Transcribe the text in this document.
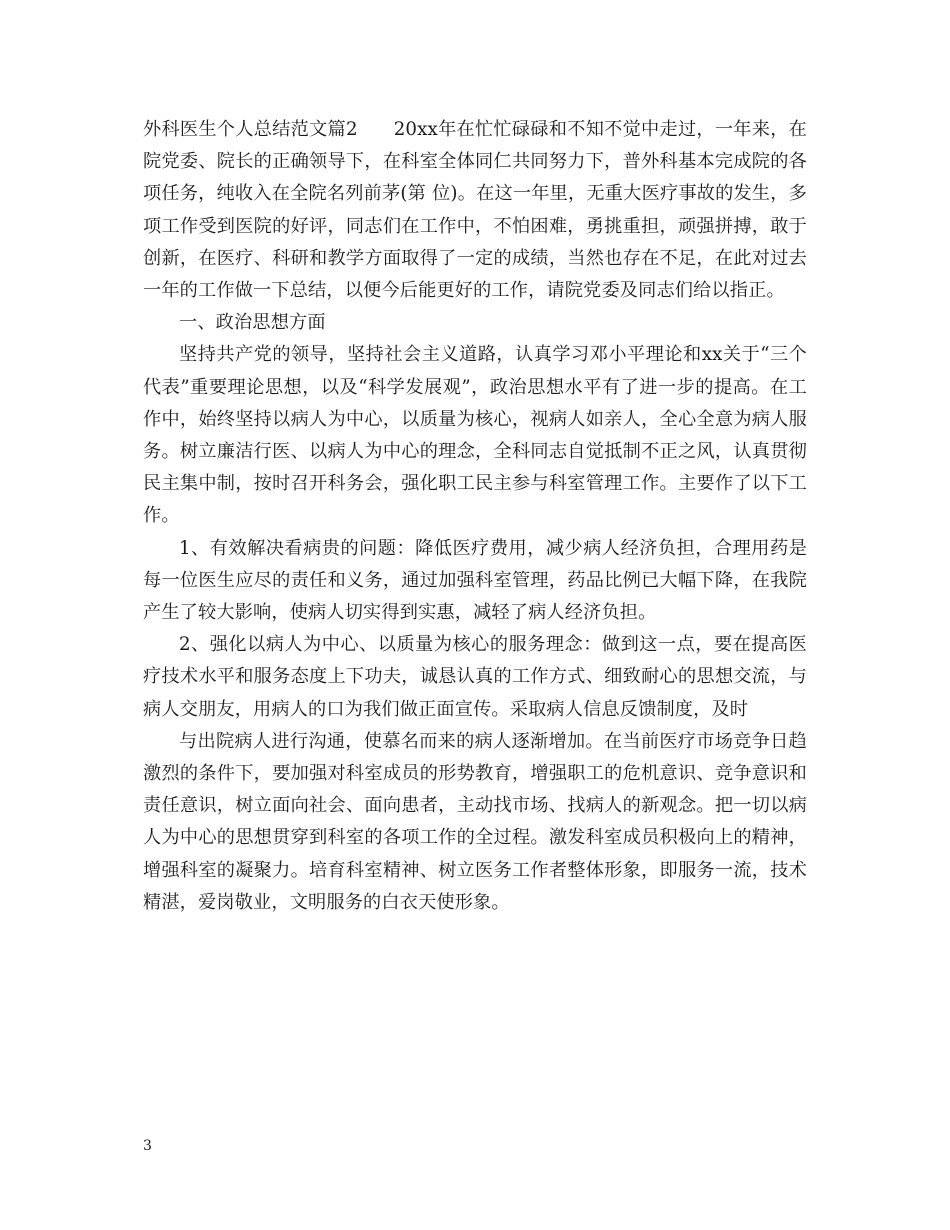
外科医生个人总结范文篇2 20xx年在忙忙碌碌和不知不觉中走过，一年来，在院党委、院长的正确领导下，在科室全体同仁共同努力下，普外科基本完成院的各项任务，纯收入在全院名列前茅(第 位)。在这一年里，无重大医疗事故的发生，多项工作受到医院的好评，同志们在工作中，不怕困难，勇挑重担，顽强拼搏，敢于创新，在医疗、科研和教学方面取得了一定的成绩，当然也存在不足，在此对过去一年的工作做一下总结，以便今后能更好的工作，请院党委及同志们给以指正。

一、政治思想方面

坚持共产党的领导，坚持社会主义道路，认真学习邓小平理论和xx关于“三个代表”重要理论思想，以及“科学发展观”，政治思想水平有了进一步的提高。在工作中，始终坚持以病人为中心，以质量为核心，视病人如亲人，全心全意为病人服务。树立廉洁行医、以病人为中心的理念，全科同志自觉抵制不正之风，认真贯彻民主集中制，按时召开科务会，强化职工民主参与科室管理工作。主要作了以下工作。

1、有效解决看病贵的问题：降低医疗费用，减少病人经济负担，合理用药是每一位医生应尽的责任和义务，通过加强科室管理，药品比例已大幅下降，在我院产生了较大影响，使病人切实得到实惠，减轻了病人经济负担。

2、强化以病人为中心、以质量为核心的服务理念：做到这一点，要在提高医疗技术水平和服务态度上下功夫，诚恳认真的工作方式、细致耐心的思想交流，与病人交朋友，用病人的口为我们做正面宣传。采取病人信息反馈制度，及时

与出院病人进行沟通，使慕名而来的病人逐渐增加。在当前医疗市场竞争日趋激烈的条件下，要加强对科室成员的形势教育，增强职工的危机意识、竞争意识和责任意识，树立面向社会、面向患者，主动找市场、找病人的新观念。把一切以病人为中心的思想贯穿到科室的各项工作的全过程。激发科室成员积极向上的精神，增强科室的凝聚力。培育科室精神、树立医务工作者整体形象，即服务一流，技术精湛，爱岗敬业，文明服务的白衣天使形象。

3
